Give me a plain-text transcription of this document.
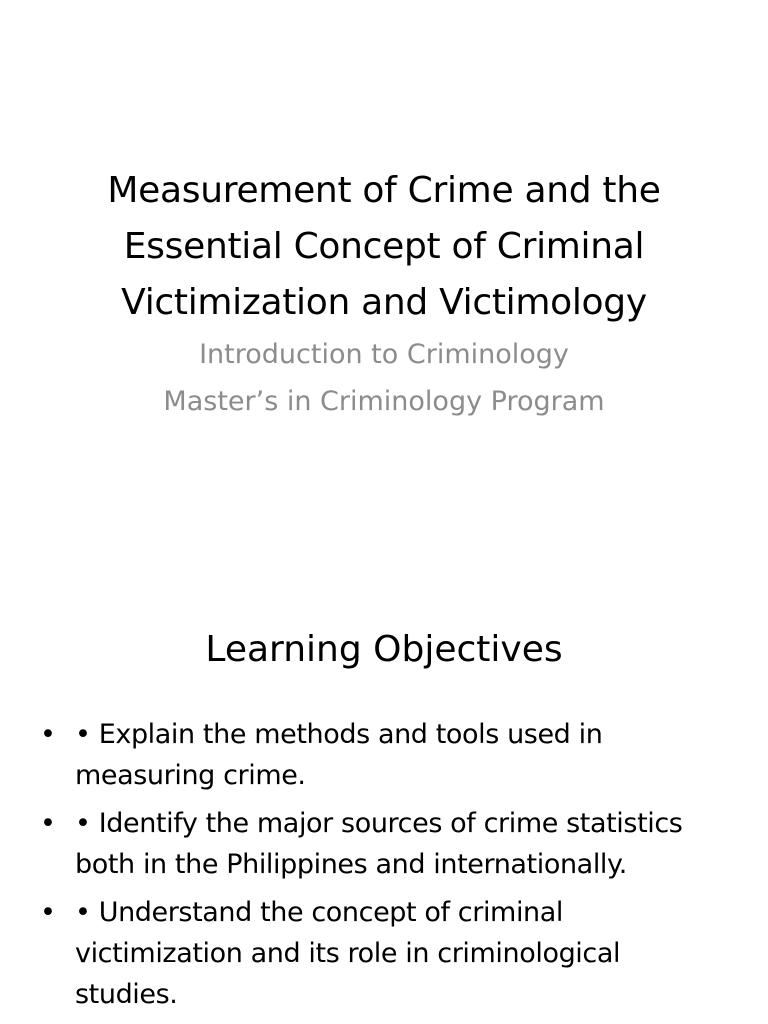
Measurement of Crime and the
Essential Concept of Criminal
Victimization and Victimology
Introduction to Criminology
Master’s in Criminology Program
Learning Objectives
• • Explain the methods and tools used in
measuring crime.
• • Identify the major sources of crime statistics
both in the Philippines and internationally.
• • Understand the concept of criminal
victimization and its role in criminological
studies.
